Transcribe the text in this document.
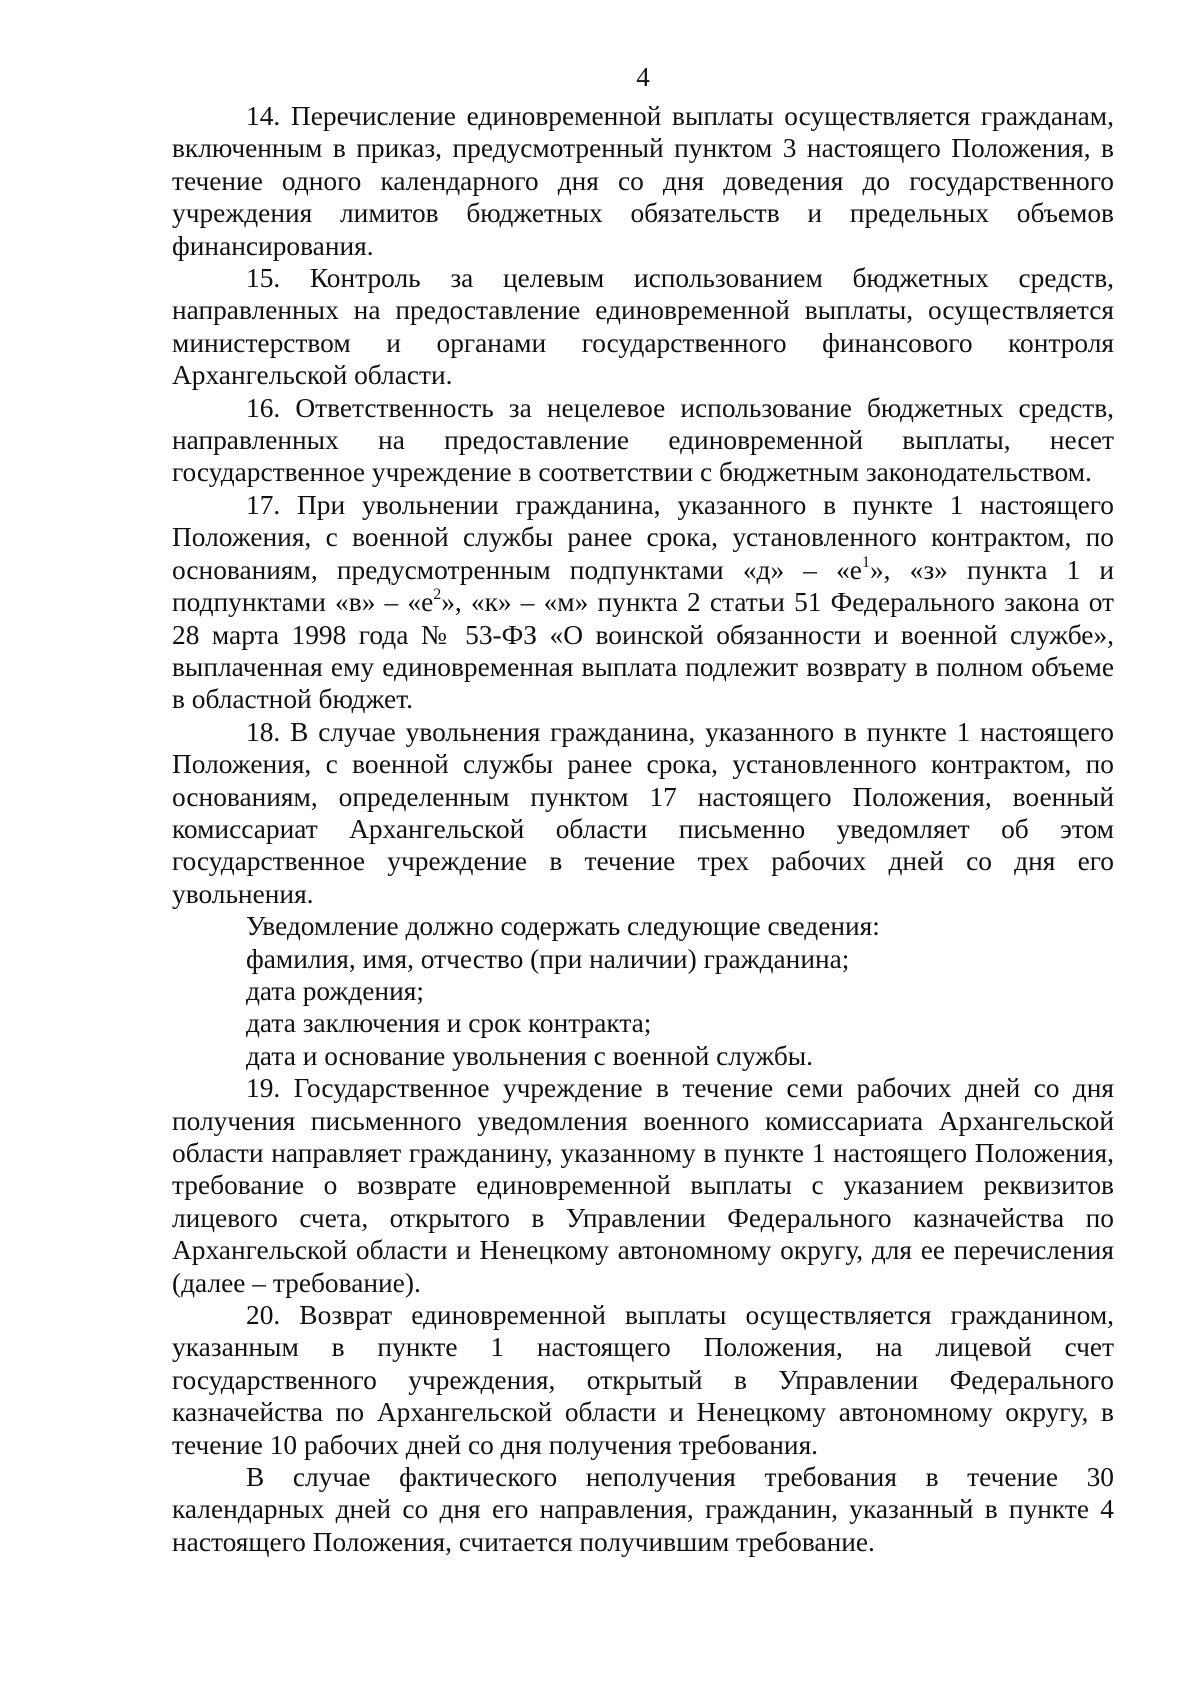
4

14. Перечисление единовременной выплаты осуществляется гражданам, включенным в приказ, предусмотренный пунктом 3 настоящего Положения, в течение одного календарного дня со дня доведения до государственного учреждения лимитов бюджетных обязательств и предельных объемов финансирования.

15. Контроль за целевым использованием бюджетных средств, направленных на предоставление единовременной выплаты, осуществляется министерством и органами государственного финансового контроля Архангельской области.

16. Ответственность за нецелевое использование бюджетных средств, направленных на предоставление единовременной выплаты, несет государственное учреждение в соответствии с бюджетным законодательством.

17. При увольнении гражданина, указанного в пункте 1 настоящего Положения, с военной службы ранее срока, установленного контрактом, по основаниям, предусмотренным подпунктами «д» – «$е^1$», «з» пункта 1 и подпунктами «в» – «$е^2$», «к» – «м» пункта 2 статьи 51 Федерального закона от 28 марта 1998 года № 53-ФЗ «О воинской обязанности и военной службе», выплаченная ему единовременная выплата подлежит возврату в полном объеме в областной бюджет.

18. В случае увольнения гражданина, указанного в пункте 1 настоящего Положения, с военной службы ранее срока, установленного контрактом, по основаниям, определенным пунктом 17 настоящего Положения, военный комиссариат Архангельской области письменно уведомляет об этом государственное учреждение в течение трех рабочих дней со дня его увольнения.

Уведомление должно содержать следующие сведения:

фамилия, имя, отчество (при наличии) гражданина;

дата рождения;

дата заключения и срок контракта;

дата и основание увольнения с военной службы.

19. Государственное учреждение в течение семи рабочих дней со дня получения письменного уведомления военного комиссариата Архангельской области направляет гражданину, указанному в пункте 1 настоящего Положения, требование о возврате единовременной выплаты с указанием реквизитов лицевого счета, открытого в Управлении Федерального казначейства по Архангельской области и Ненецкому автономному округу, для ее перечисления (далее – требование).

20. Возврат единовременной выплаты осуществляется гражданином, указанным в пункте 1 настоящего Положения, на лицевой счет государственного учреждения, открытый в Управлении Федерального казначейства по Архангельской области и Ненецкому автономному округу, в течение 10 рабочих дней со дня получения требования.

В случае фактического неполучения требования в течение 30 календарных дней со дня его направления, гражданин, указанный в пункте 4 настоящего Положения, считается получившим требование.
